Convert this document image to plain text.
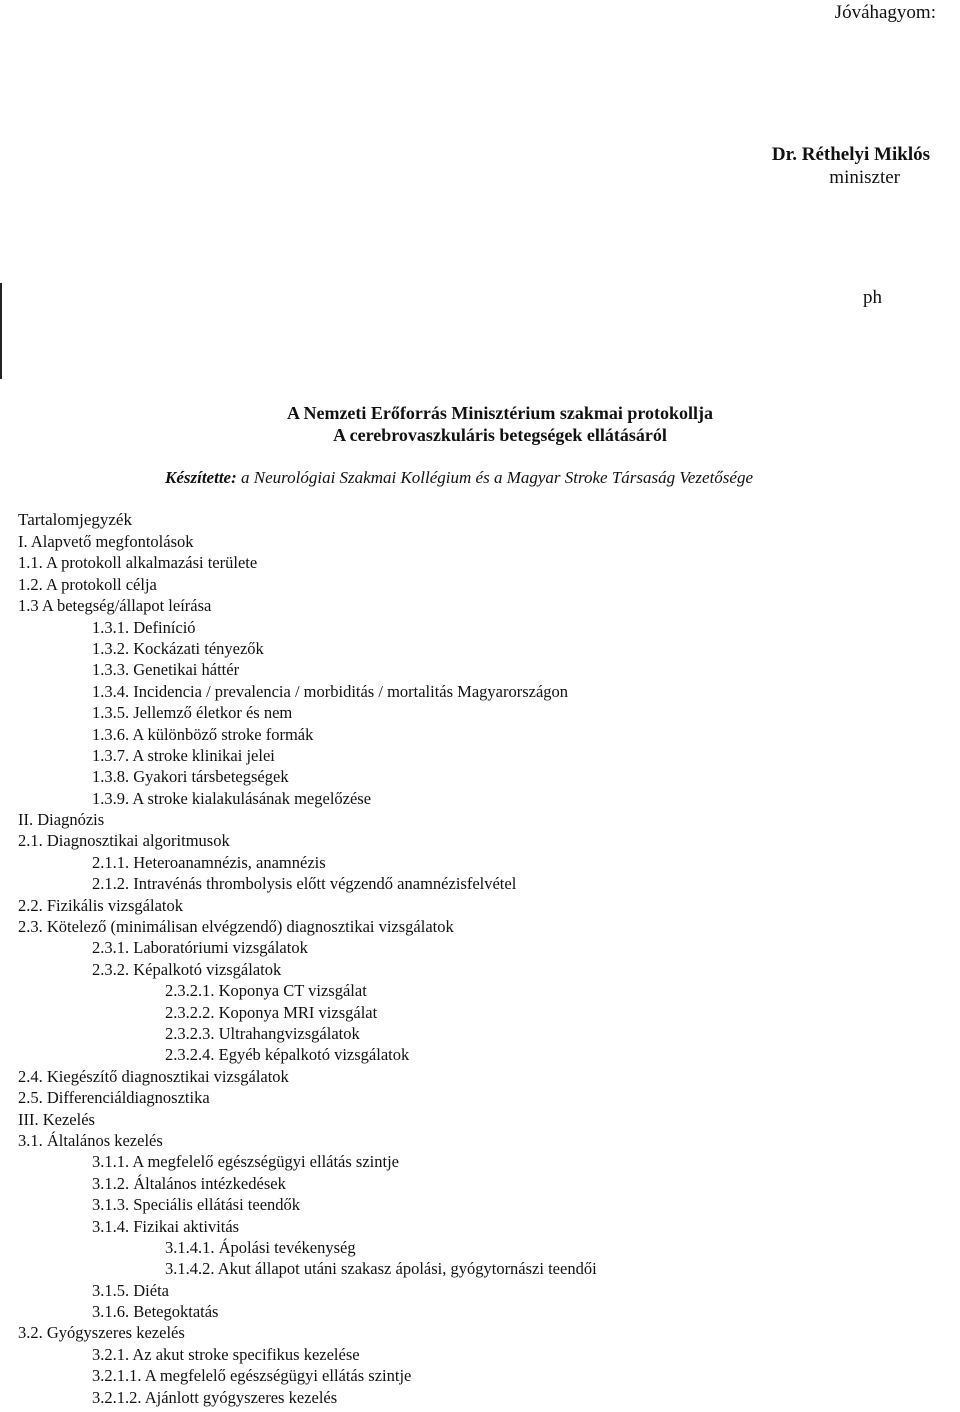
Jóváhagyom:
Dr. Réthelyi Miklós
miniszter
ph
A Nemzeti Erőforrás Minisztérium szakmai protokollja
A cerebrovaszkuláris betegségek ellátásáról
Készítette: a Neurológiai Szakmai Kollégium és a Magyar Stroke Társaság Vezetősége
Tartalomjegyzék
I. Alapvető megfontolások
1.1. A protokoll alkalmazási területe
1.2. A protokoll célja
1.3 A betegség/állapot leírása
1.3.1. Definíció
1.3.2. Kockázati tényezők
1.3.3. Genetikai háttér
1.3.4. Incidencia / prevalencia / morbiditás / mortalitás Magyarországon
1.3.5. Jellemző életkor és nem
1.3.6. A különböző stroke formák
1.3.7. A stroke klinikai jelei
1.3.8. Gyakori társbetegségek
1.3.9. A stroke kialakulásának megelőzése
II. Diagnózis
2.1. Diagnosztikai algoritmusok
2.1.1. Heteroanamnézis, anamnézis
2.1.2. Intravénás thrombolysis előtt végzendő anamnézisfelvétel
2.2. Fizikális vizsgálatok
2.3. Kötelező (minimálisan elvégzendő) diagnosztikai vizsgálatok
2.3.1. Laboratóriumi vizsgálatok
2.3.2. Képalkotó vizsgálatok
2.3.2.1. Koponya CT vizsgálat
2.3.2.2. Koponya MRI vizsgálat
2.3.2.3. Ultrahangvizsgálatok
2.3.2.4. Egyéb képalkotó vizsgálatok
2.4. Kiegészítő diagnosztikai vizsgálatok
2.5. Differenciáldiagnosztika
III. Kezelés
3.1. Általános kezelés
3.1.1. A megfelelő egészségügyi ellátás szintje
3.1.2. Általános intézkedések
3.1.3. Speciális ellátási teendők
3.1.4. Fizikai aktivitás
3.1.4.1. Ápolási tevékenység
3.1.4.2. Akut állapot utáni szakasz ápolási, gyógytornászi teendői
3.1.5. Diéta
3.1.6. Betegoktatás
3.2. Gyógyszeres kezelés
3.2.1. Az akut stroke specifikus kezelése
3.2.1.1. A megfelelő egészségügyi ellátás szintje
3.2.1.2. Ajánlott gyógyszeres kezelés
